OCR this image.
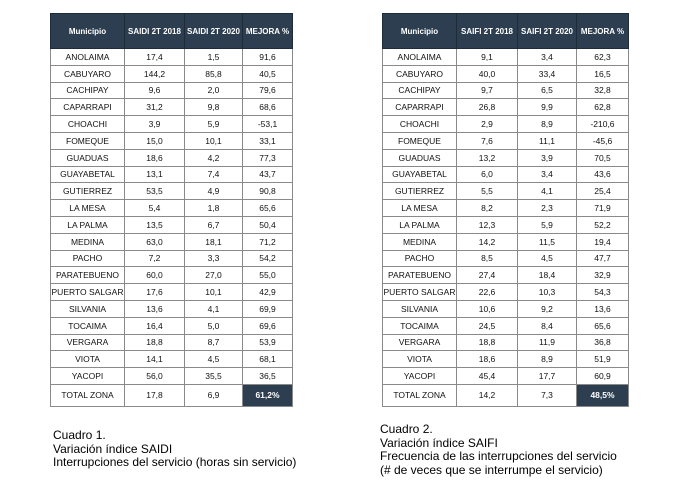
Municipio	SAIDI 2T 2018	SAIDI 2T 2020	MEJORA %
ANOLAIMA	17,4	1,5	91,6
CABUYARO	144,2	85,8	40,5
CACHIPAY	9,6	2,0	79,6
CAPARRAPI	31,2	9,8	68,6
CHOACHI	3,9	5,9	-53,1
FOMEQUE	15,0	10,1	33,1
GUADUAS	18,6	4,2	77,3
GUAYABETAL	13,1	7,4	43,7
GUTIERREZ	53,5	4,9	90,8
LA MESA	5,4	1,8	65,6
LA PALMA	13,5	6,7	50,4
MEDINA	63,0	18,1	71,2
PACHO	7,2	3,3	54,2
PARATEBUENO	60,0	27,0	55,0
PUERTO SALGAR	17,6	10,1	42,9
SILVANIA	13,6	4,1	69,9
TOCAIMA	16,4	5,0	69,6
VERGARA	18,8	8,7	53,9
VIOTA	14,1	4,5	68,1
YACOPI	56,0	35,5	36,5
TOTAL ZONA	17,8	6,9	61,2%
Municipio	SAIFI 2T 2018	SAIFI 2T 2020	MEJORA %
ANOLAIMA	9,1	3,4	62,3
CABUYARO	40,0	33,4	16,5
CACHIPAY	9,7	6,5	32,8
CAPARRAPI	26,8	9,9	62,8
CHOACHI	2,9	8,9	-210,6
FOMEQUE	7,6	11,1	-45,6
GUADUAS	13,2	3,9	70,5
GUAYABETAL	6,0	3,4	43,6
GUTIERREZ	5,5	4,1	25,4
LA MESA	8,2	2,3	71,9
LA PALMA	12,3	5,9	52,2
MEDINA	14,2	11,5	19,4
PACHO	8,5	4,5	47,7
PARATEBUENO	27,4	18,4	32,9
PUERTO SALGAR	22,6	10,3	54,3
SILVANIA	10,6	9,2	13,6
TOCAIMA	24,5	8,4	65,6
VERGARA	18,8	11,9	36,8
VIOTA	18,6	8,9	51,9
YACOPI	45,4	17,7	60,9
TOTAL ZONA	14,2	7,3	48,5%
Cuadro 1.
Variación índice SAIDI
Interrupciones del servicio (horas sin servicio)
Cuadro 2.
Variación índice SAIFI
Frecuencia de las interrupciones del servicio
(# de veces que se interrumpe el servicio)
